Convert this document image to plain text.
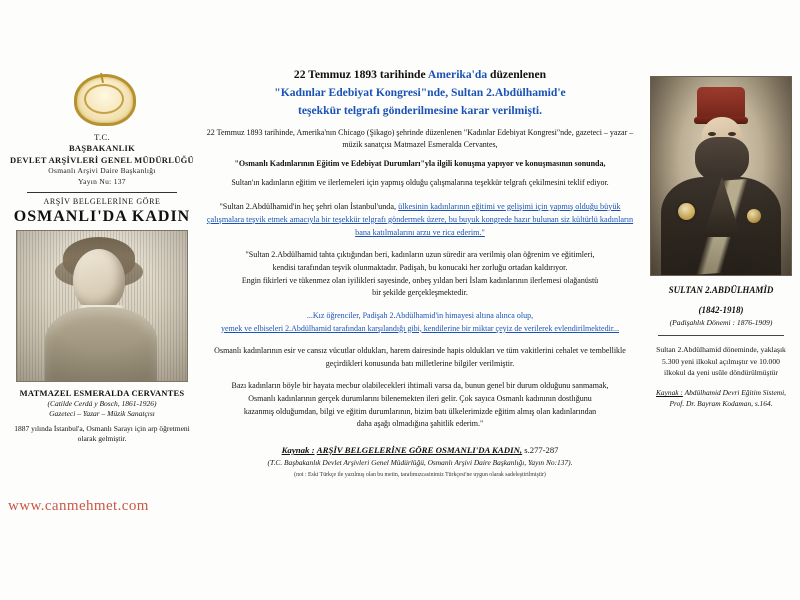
T.C.
BAŞBAKANLIK
DEVLET ARŞİVLERİ GENEL MÜDÜRLÜĞÜ
Osmanlı Arşivi Daire Başkanlığı
Yayın Nu: 137
ARŞİV BELGELERİNE GÖRE
OSMANLI'DA KADIN
MATMAZEL ESMERALDA CERVANTES
(Catilde Cerdá y Bosch, 1861-1926)
Gazeteci – Yazar – Müzik Sanatçısı
1887 yılında İstanbul'a, Osmanlı Sarayı için arp öğretmeni olarak gelmiştir.
www.canmehmet.com
22 Temmuz 1893 tarihinde Amerika'da düzenlenen
"Kadınlar Edebiyat Kongresi"nde, Sultan 2.Abdülhamid'e
teşekkür telgrafı gönderilmesine karar verilmişti.
22 Temmuz 1893 tarihinde, Amerika'nın Chicago (Şikago) şehrinde düzenlenen "Kadınlar Edebiyat Kongresi"nde, gazeteci – yazar – müzik sanatçısı Matmazel Esmeralda Cervantes,
"Osmanlı Kadınlarının Eğitim ve Edebiyat Durumları"yla ilgili konuşma yapıyor ve konuşmasının sonunda,
Sultan'ın kadınların eğitim ve ilerlemeleri için yapmış olduğu çalışmalarına teşekkür telgrafı çekilmesini teklif ediyor.
"Sultan 2.Abdülhamid'in heç şehri olan İstanbul'unda, ülkesinin kadınlarının eğitimi ve gelişimi için yapmış olduğu büyük çalışmalara teşvik etmek amacıyla bir teşekkür telgrafı göndermek üzere, bu buyuk kongrede hazır bulunan siz kültürlü kadınların bana katılmalarını arzu ve rica ederim."
"Sultan 2.Abdülhamid tahta çıktığından beri, kadınların uzun süredir ara verilmiş olan öğrenim ve eğitimleri,
kendisi tarafından teşvik olunmaktadır. Padişah, bu konucaki her zorluğu ortadan kaldırıyor.
Engin fikirleri ve tükenmez olan iyilikleri sayesinde, onbeş yıldan beri İslam kadınlarının ilerlemesi olağanüstü
bir şekilde gerçekleşmektedir.
...Kız öğrenciler, Padişah 2.Abdülhamid'in himayesi altına alınca olup,
yemek ve elbiseleri 2.Abdülhamid tarafından karşılandığı gibi, kendilerine bir miktar çeyiz de verilerek evlendirilmektedir...
Osmanlı kadınlarının esir ve cansız vücutlar oldukları, harem dairesinde hapis oldukları ve tüm vakitlerini cehalet ve tembellikle geçirdikleri konusunda batı milletlerine bilgiler verilmiştir.
Bazı kadınların böyle bir hayata mecbur olabilecekleri ihtimali varsa da, bunun genel bir durum olduğunu sanmamak,
Osmanlı kadınlarının gerçek durumlarını bilenemekten ileri gelir. Çok sayıca Osmanlı kadınının dostlığunu
kazanmış olduğumdan, bilgi ve eğitim durumlarının, bizim batı ülkelerimizde eğitim almış olan kadınlarından
daha aşağı olmadığına şahitlik ederim."
Kaynak : ARŞİV BELGELERİNE GÖRE OSMANLI'DA KADIN, s.277-287
(T.C. Başbakanlık Devlet Arşivleri Genel Müdürlüğü, Osmanlı Arşivi Daire Başkanlığı, Yayın No:137).
(not : Eski Türkçe ile yazılmış olan bu metin, tarafımızcasinimiz Türkçesi'ne uygun olarak sadeleştirilmiştir)
SULTAN 2.ABDÜLHAMİD
(1842-1918)
(Padişahlık Dönemi : 1876-1909)
Sultan 2.Abdülhamid döneminde, yaklaşık 5.300 yeni ilkokul açılmıştır ve 10.000 ilkokul da yeni usûle döndürülmüştür
Kaynak : Abdülhamid Devri Eğitim Sistemi, Prof. Dr. Bayram Kodaman, s.164.
